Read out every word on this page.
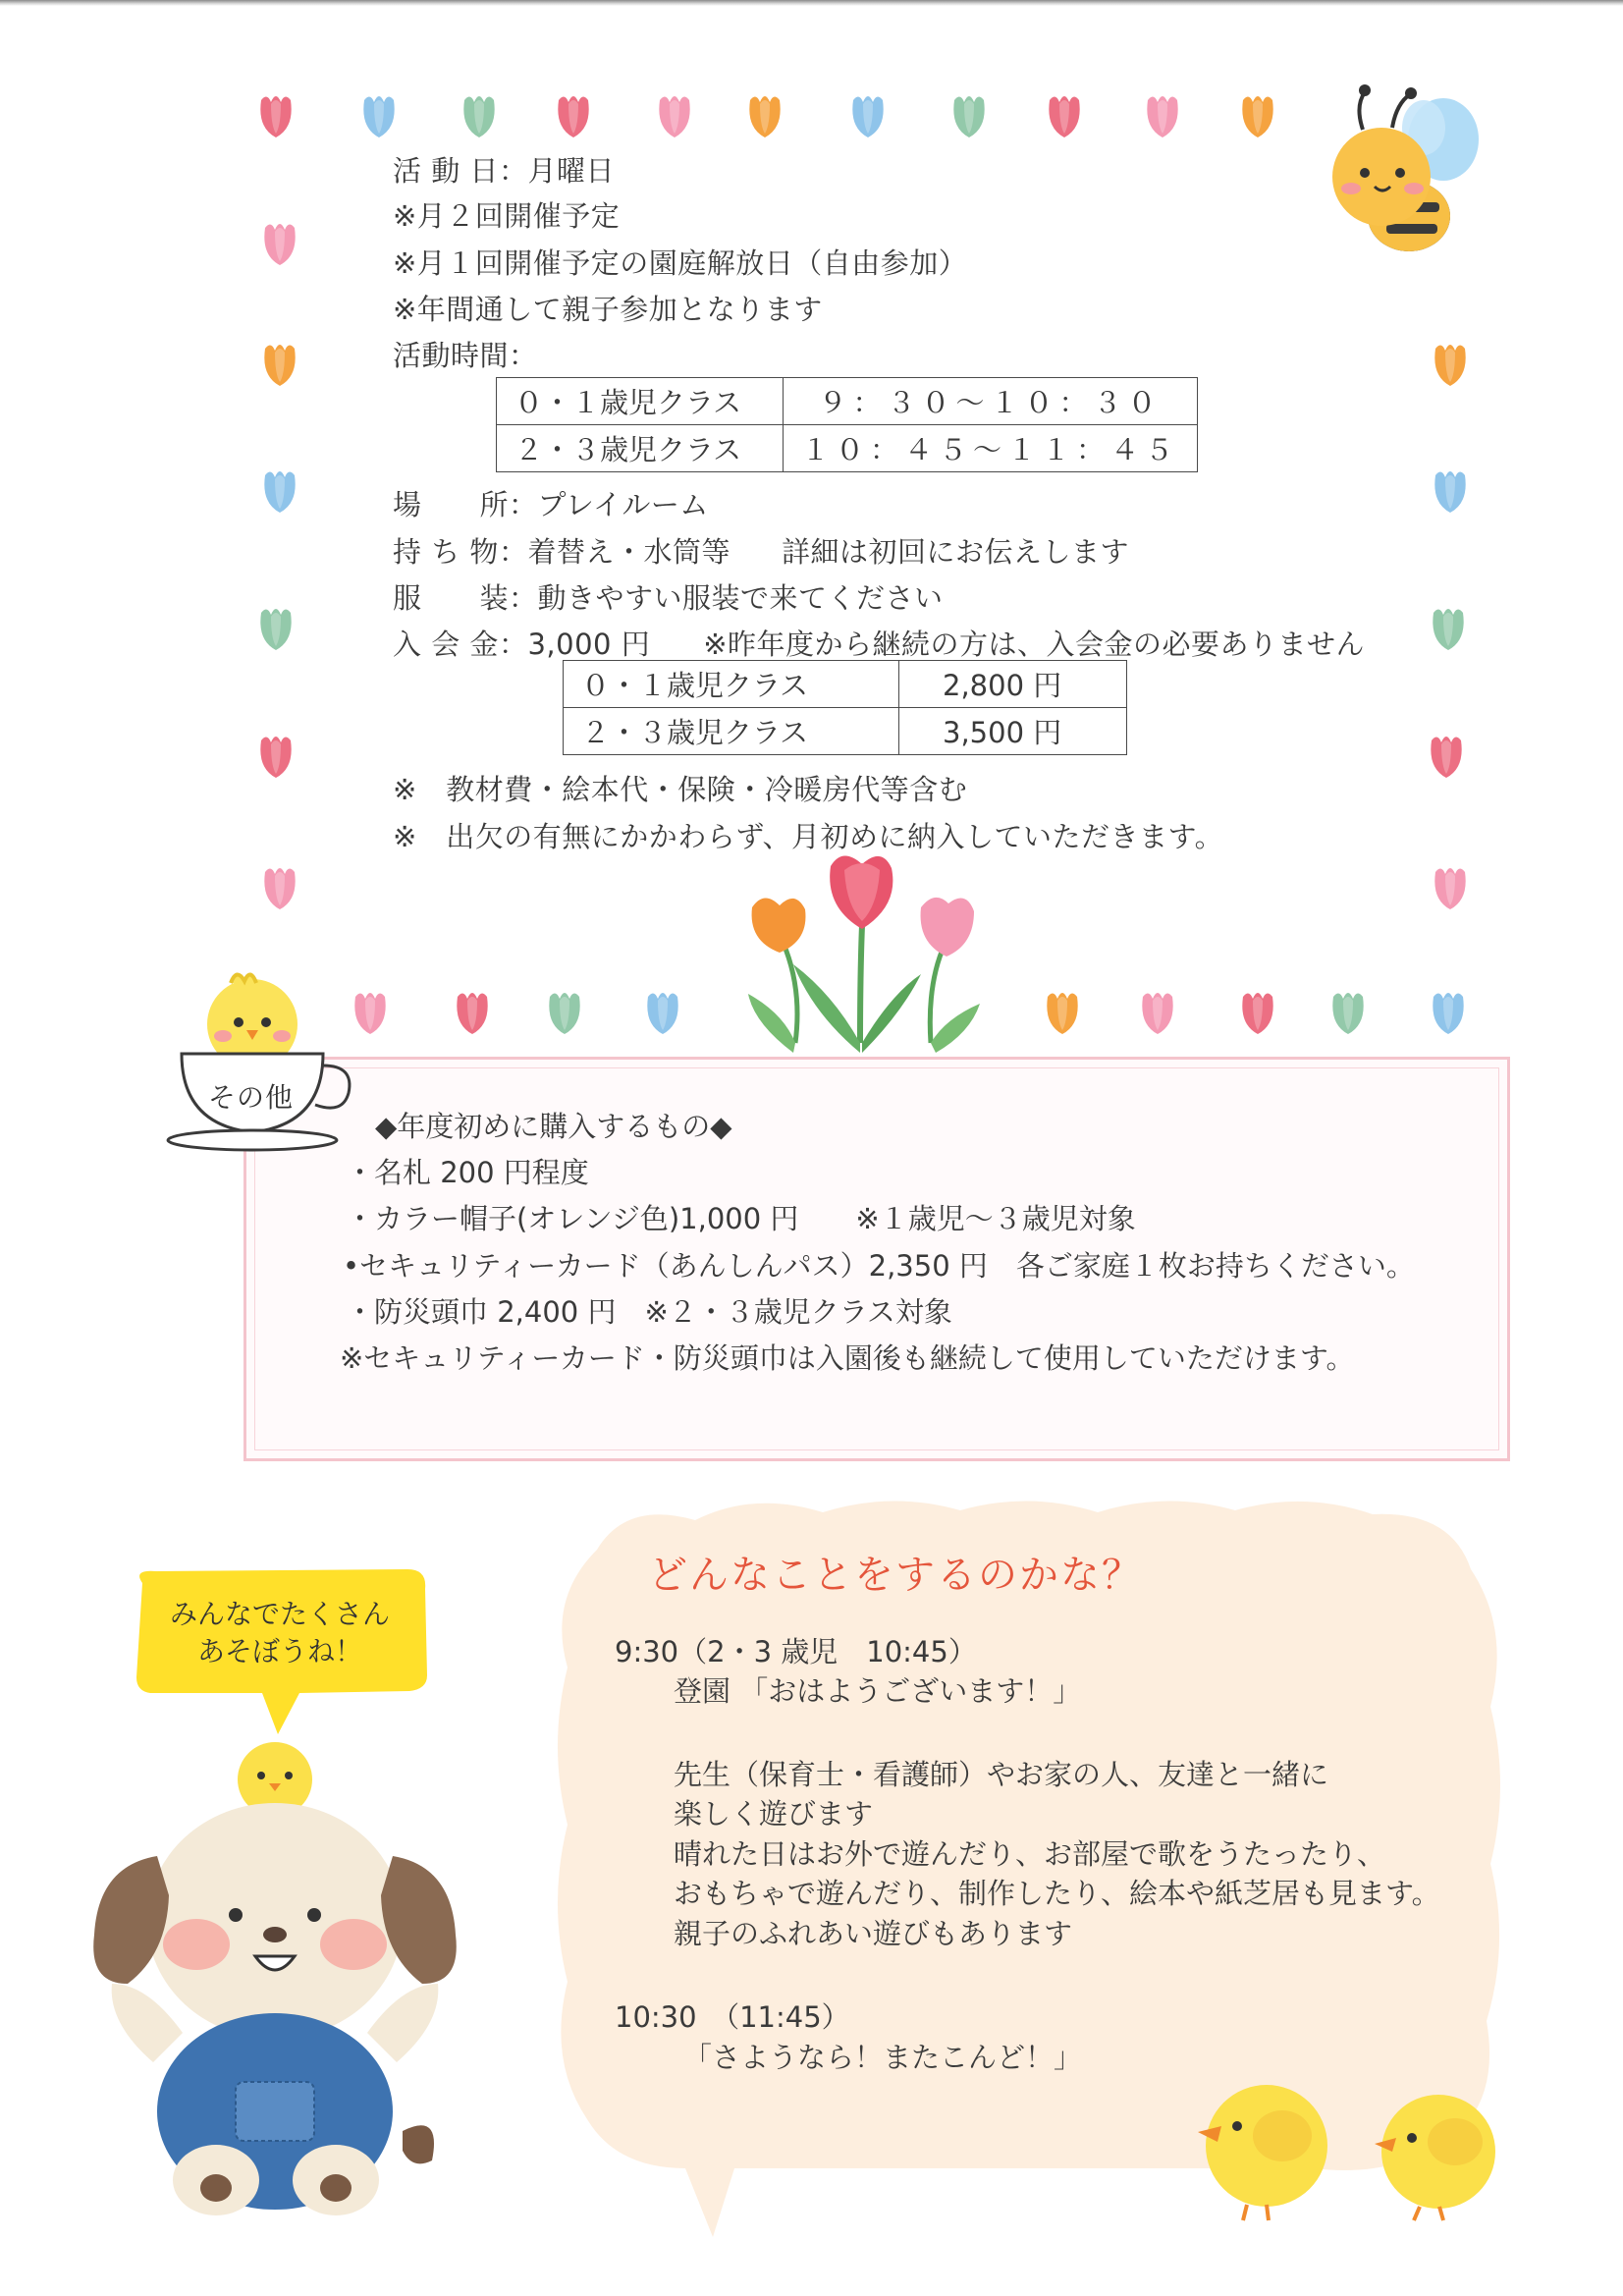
活 動 日：月曜日
※月２回開催予定
※月１回開催予定の園庭解放日（自由参加）
※年間通して親子参加となります
活動時間：
０・１歳児クラス	９：３０～１０：３０
２・３歳児クラス	１０：４５～１１：４５
場　　所：プレイルーム
持 ち 物：着替え・水筒等 詳細は初回にお伝えします
服　　装：動きやすい服装で来てください
入 会 金：3,000 円 ※昨年度から継続の方は、入会金の必要ありません
０・１歳児クラス	2,800 円
２・３歳児クラス	3,500 円
※　教材費・絵本代・保険・冷暖房代等含む
※　出欠の有無にかかわらず、月初めに納入していただきます。
その他
◆年度初めに購入するもの◆
・名札 200 円程度
・カラー帽子(オレンジ色)1,000 円　　※１歳児～３歳児対象
•セキュリティーカード（あんしんパス）2,350 円　各ご家庭１枚お持ちください。
・防災頭巾 2,400 円　※２・３歳児クラス対象
※セキュリティーカード・防災頭巾は入園後も継続して使用していただけます。
みんなでたくさん
あそぼうね！
どんなことをするのかな？
9:30（2・3 歳児　10:45）
登園 「おはようございます！」
先生（保育士・看護師）やお家の人、友達と一緒に
楽しく遊びます
晴れた日はお外で遊んだり、お部屋で歌をうたったり、
おもちゃで遊んだり、制作したり、絵本や紙芝居も見ます。
親子のふれあい遊びもあります
10:30　（11:45）
「さようなら！またこんど！」
